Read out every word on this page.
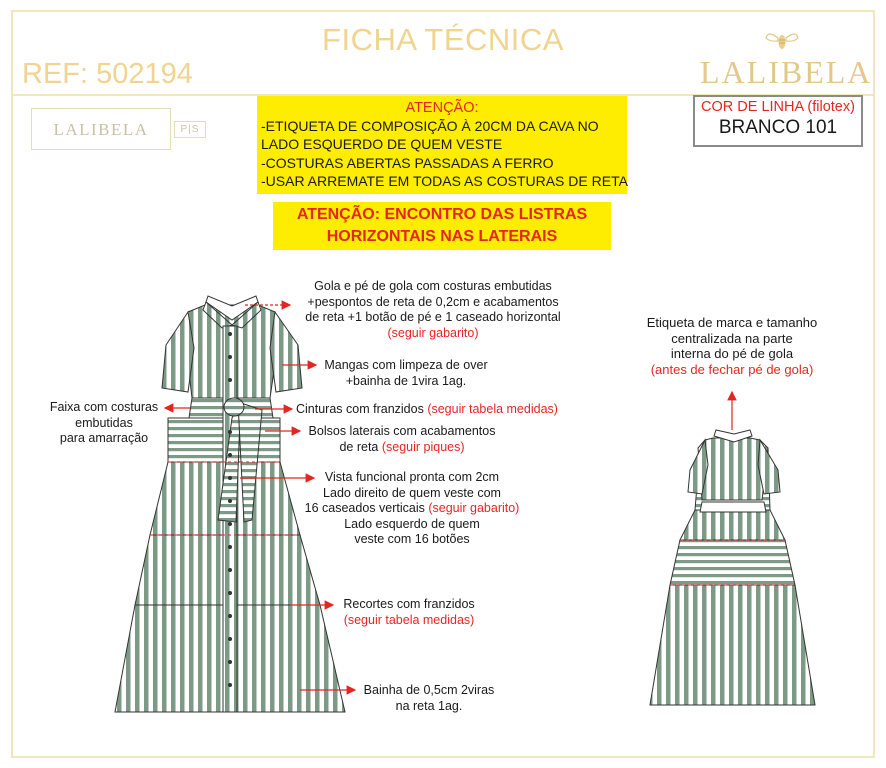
FICHA TÉCNICA
REF: 502194	LALIBELA
LALIBELA	P|S
ATENÇÃO:
-ETIQUETA DE COMPOSIÇÃO À 20CM DA CAVA NO
LADO ESQUERDO DE QUEM VESTE
-COSTURAS ABERTAS PASSADAS A FERRO
-USAR ARREMATE EM TODAS AS COSTURAS DE RETA
COR DE LINHA (filotex)
BRANCO 101
ATENÇÃO: ENCONTRO DAS LISTRAS
HORIZONTAIS NAS LATERAIS
Gola e pé de gola com costuras embutidas
+pespontos de reta de 0,2cm e acabamentos
de reta +1 botão de pé e 1 caseado horizontal
(seguir gabarito)
Mangas com limpeza de over
+bainha de 1vira 1ag.
Cinturas com franzidos (seguir tabela medidas)
Bolsos laterais com acabamentos
de reta (seguir piques)
Vista funcional pronta com 2cm
Lado direito de quem veste com
16 caseados verticais (seguir gabarito)
Lado esquerdo de quem
veste com 16 botões
Recortes com franzidos
(seguir tabela medidas)
Bainha de 0,5cm 2viras
na reta 1ag.
Faixa com costuras
embutidas
para amarração
Etiqueta de marca e tamanho
centralizada na parte
interna do pé de gola
(antes de fechar pé de gola)
